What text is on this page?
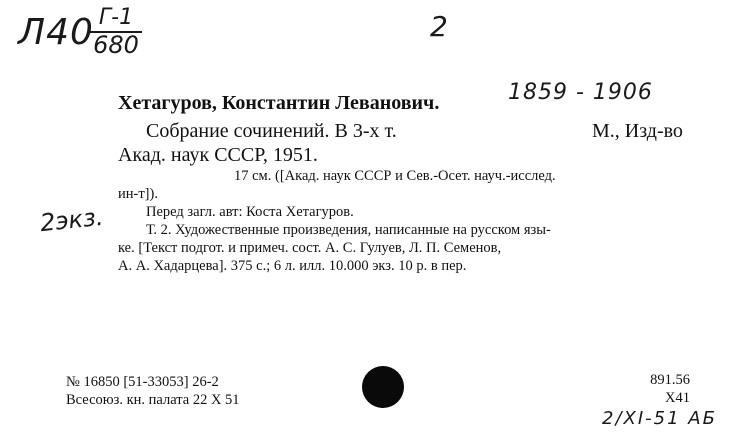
Л40 Г-1
680
2
1859 - 1906
Хетагуров, Константин Леванович.
Собрание сочинений. В 3-х т.	М., Изд-во
Акад. наук СССР, 1951.
17 см. ([Акад. наук СССР и Сев.-Осет. науч.-исслед.
ин-т]).
2экз.	Перед загл. авт: Коста Хетагуров.
Т. 2. Художественные произведения, написанные на русском язы-
ке. [Текст подгот. и примеч. сост. А. С. Гулуев, Л. П. Семенов,
А. А. Хадарцева]. 375 с.; 6 л. илл. 10.000 экз. 10 р. в пер.
№ 16850 [51-33053] 26-2
Всесоюз. кн. палата 22 X 51
891.56
Х41
2/XI-51 АБ
